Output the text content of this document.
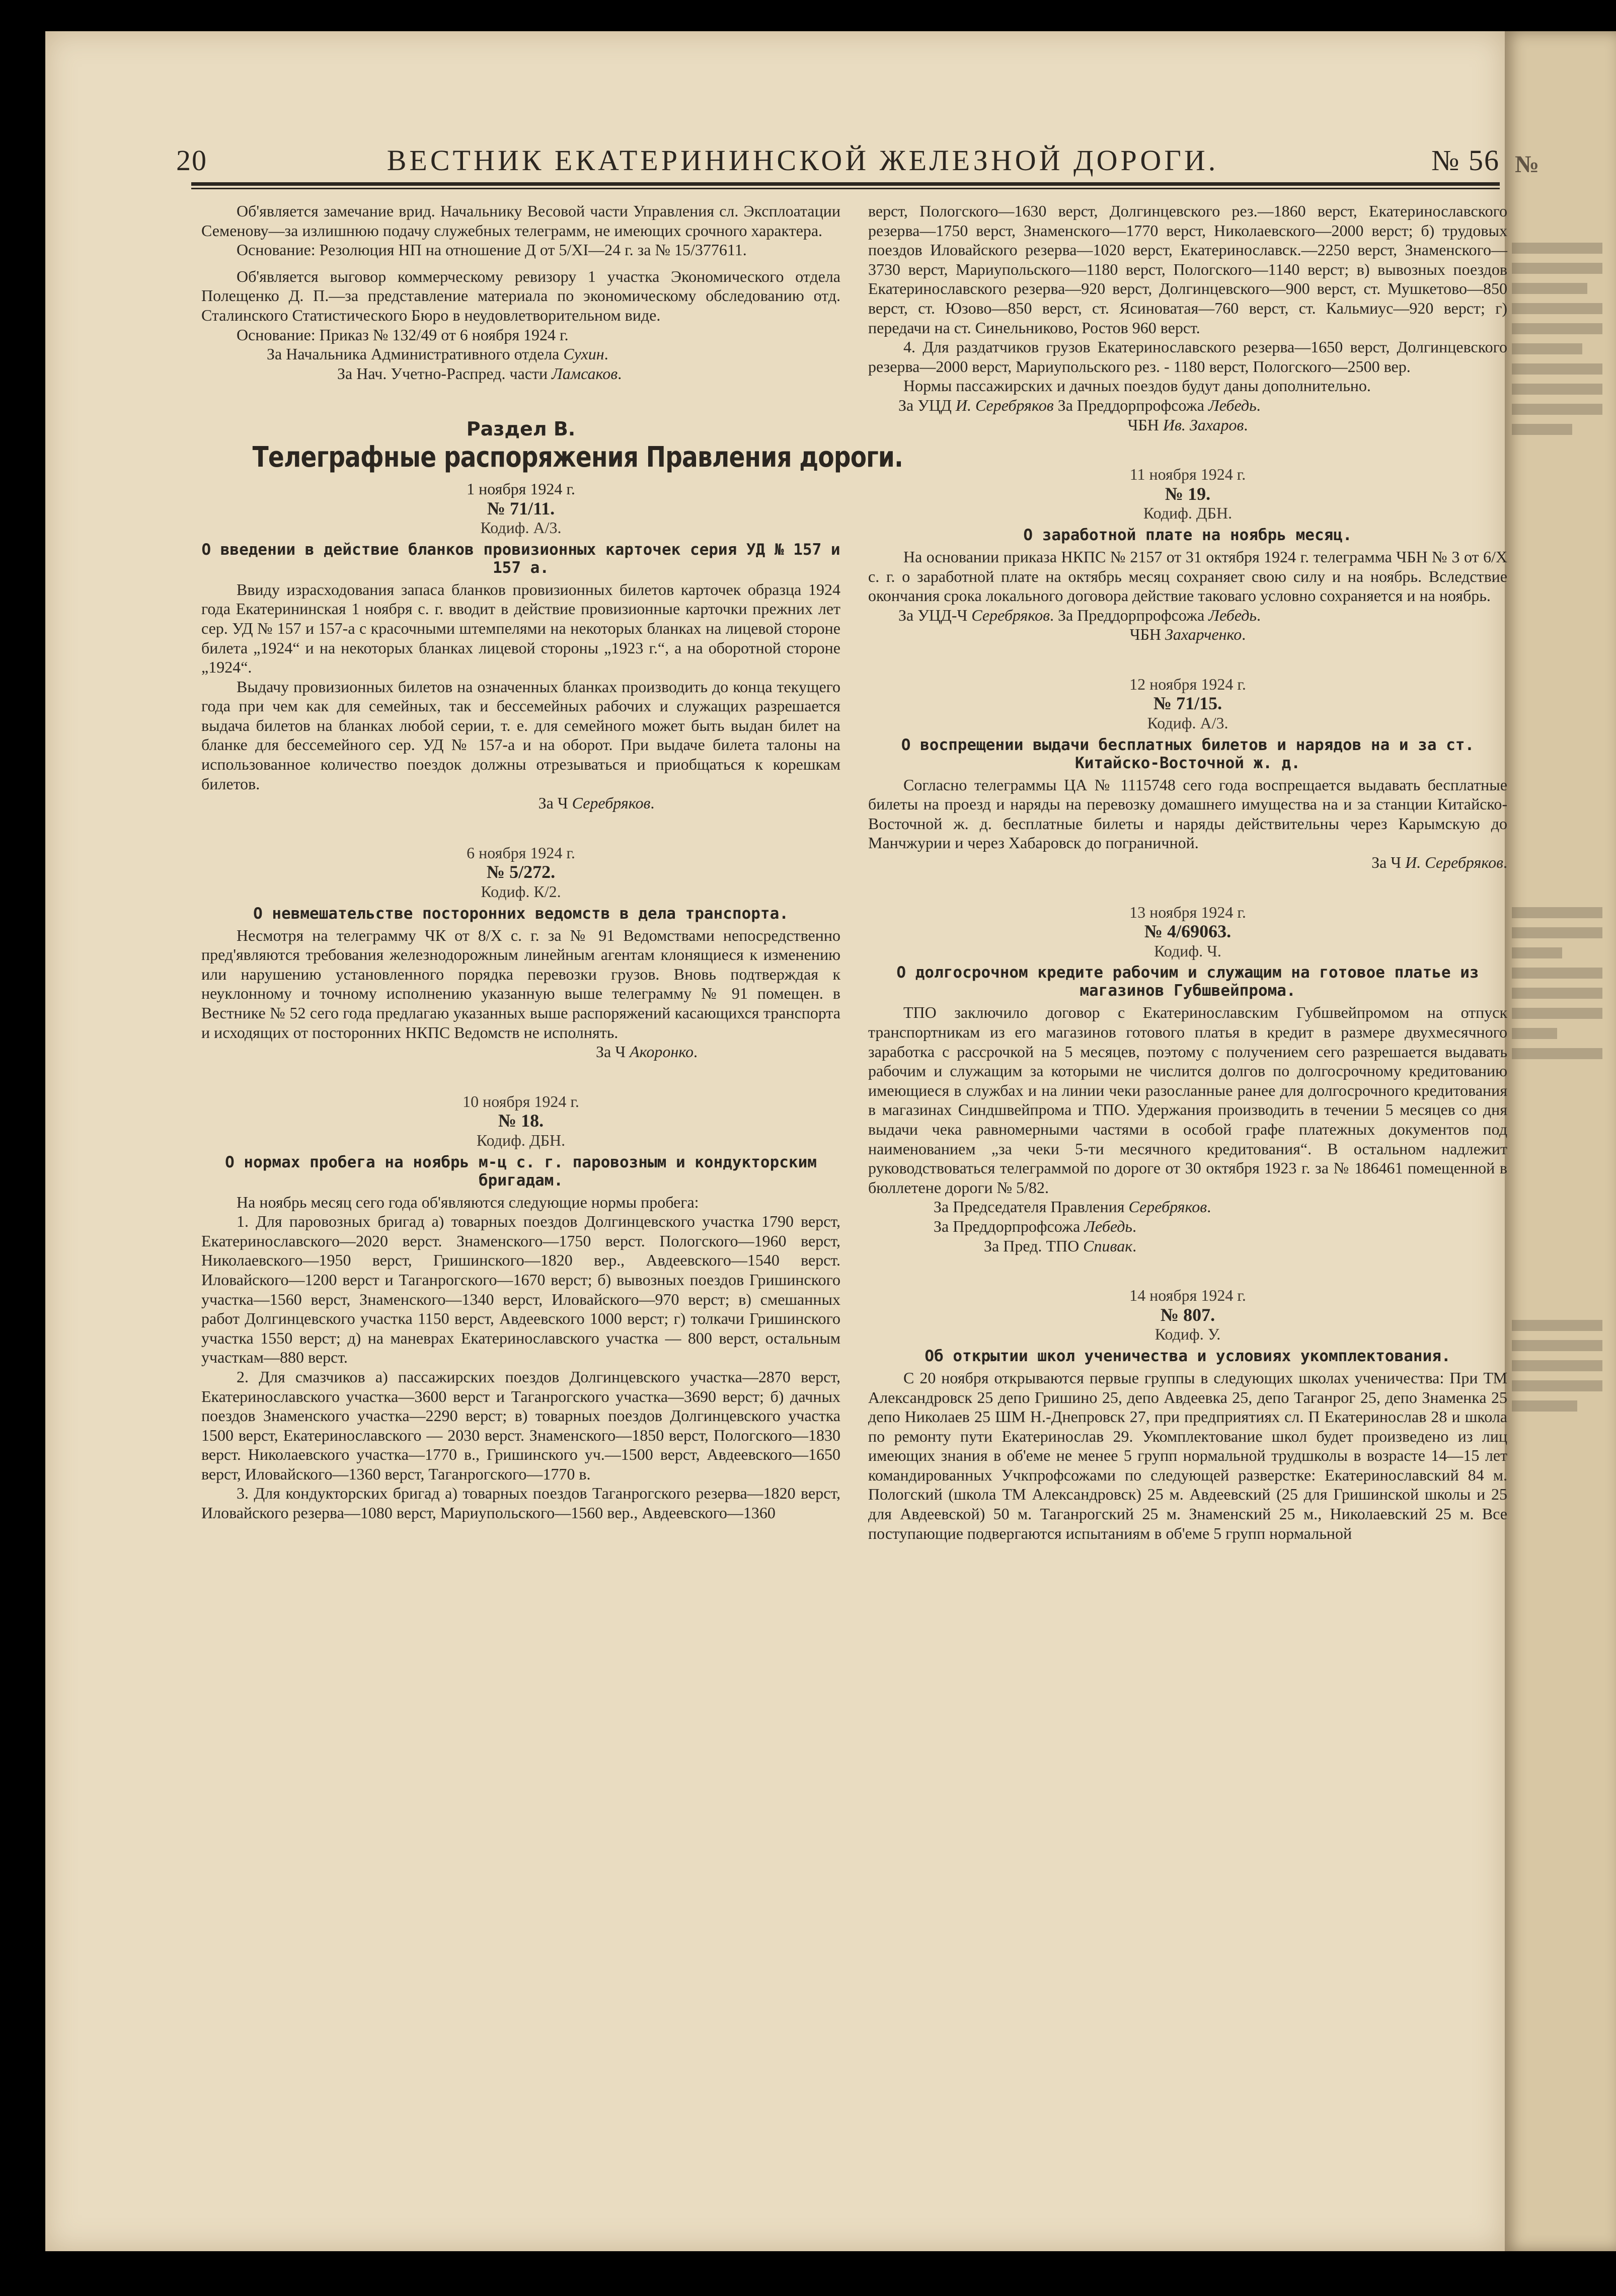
№
20	ВЕСТНИК ЕКАТЕРИНИНСКОЙ ЖЕЛЕЗНОЙ ДОРОГИ.	№ 56
Об'является замечание врид. Начальнику Весовой части Управления сл. Эксплоатации Семенову—за излишнюю подачу служебных телеграмм, не имеющих срочного характера.
Основание: Резолюция НП на отношение Д от 5/XI—24 г. за № 15/377611.
Об'является выговор коммерческому ревизору 1 участка Экономического отдела Полещенко Д. П.—за представление материала по экономическому обследованию отд. Сталинского Статистического Бюро в неудовлетворительном виде.
Основание: Приказ № 132/49 от 6 ноября 1924 г.
За Начальника Административного отдела Сухин.
За Нач. Учетно-Распред. части Ламсаков.
Раздел В.
Телеграфные распоряжения Правления дороги.
1 ноября 1924 г.
№ 71/11.
Кодиф. А/3.
О введении в действие бланков провизионных карточек серия УД № 157 и 157 а.
Ввиду израсходования запаса бланков провизионных билетов карточек образца 1924 года Екатерининская 1 ноября с. г. вводит в действие провизионные карточки прежних лет сер. УД № 157 и 157-а с красочными штемпелями на некоторых бланках на лицевой стороне билета „1924“ и на некоторых бланках лицевой стороны „1923 г.“, а на оборотной стороне „1924“.
Выдачу провизионных билетов на означенных бланках производить до конца текущего года при чем как для семейных, так и бессемейных рабочих и служащих разрешается выдача билетов на бланках любой серии, т. е. для семейного может быть выдан билет на бланке для бессемейного сер. УД № 157-а и на оборот. При выдаче билета талоны на использованное количество поездок должны отрезываться и приобщаться к корешкам билетов.
За Ч Серебряков.
6 ноября 1924 г.
№ 5/272.
Кодиф. К/2.
О невмешательстве посторонних ведомств в дела транспорта.
Несмотря на телеграмму ЧК от 8/X с. г. за № 91 Ведомствами непосредственно пред'являются требования железнодорожным линейным агентам клонящиеся к изменению или нарушению установленного порядка перевозки грузов. Вновь подтверждая к неуклонному и точному исполнению указанную выше телеграмму № 91 помещен. в Вестнике № 52 сего года предлагаю указанных выше распоряжений касающихся транспорта и исходящих от посторонних НКПС Ведомств не исполнять.
За Ч Акоронко.
10 ноября 1924 г.
№ 18.
Кодиф. ДБН.
О нормах пробега на ноябрь м-ц с. г. паровозным и кондукторским бригадам.
На ноябрь месяц сего года об'являются следующие нормы пробега:
1. Для паровозных бригад а) товарных поездов Долгинцевского участка 1790 верст, Екатеринославского—2020 верст. Знаменского—1750 верст. Пологского—1960 верст, Николаевского—1950 верст, Гришинского—1820 вер., Авдеевского—1540 верст. Иловайского—1200 верст и Таганрогского—1670 верст; б) вывозных поездов Гришинского участка—1560 верст, Знаменского—1340 верст, Иловайского—970 верст; в) смешанных работ Долгинцевского участка 1150 верст, Авдеевского 1000 верст; г) толкачи Гришинского участка 1550 верст; д) на маневрах Екатеринославского участка — 800 верст, остальным участкам—880 верст.
2. Для смазчиков а) пассажирских поездов Долгинцевского участка—2870 верст, Екатеринославского участка—3600 верст и Таганрогского участка—3690 верст; б) дачных поездов Знаменского участка—2290 верст; в) товарных поездов Долгинцевского участка 1500 верст, Екатеринославского — 2030 верст. Знаменского—1850 верст, Пологского—1830 верст. Николаевского участка—1770 в., Гришинского уч.—1500 верст, Авдеевского—1650 верст, Иловайского—1360 верст, Таганрогского—1770 в.
3. Для кондукторских бригад а) товарных поездов Таганрогского резерва—1820 верст, Иловайского резерва—1080 верст, Мариупольского—1560 вер., Авдеевского—1360
верст, Пологского—1630 верст, Долгинцевского рез.—1860 верст, Екатеринославского резерва—1750 верст, Знаменского—1770 верст, Николаевского—2000 верст; б) трудовых поездов Иловайского резерва—1020 верст, Екатеринославск.—2250 верст, Знаменского—3730 верст, Мариупольского—1180 верст, Пологского—1140 верст; в) вывозных поездов Екатеринославского резерва—920 верст, Долгинцевского—900 верст, ст. Мушкетово—850 верст, ст. Юзово—850 верст, ст. Ясиноватая—760 верст, ст. Кальмиус—920 верст; г) передачи на ст. Синельниково, Ростов 960 верст.
4. Для раздатчиков грузов Екатеринославского резерва—1650 верст, Долгинцевского резерва—2000 верст, Мариупольского рез. - 1180 верст, Пологского—2500 вер.
Нормы пассажирских и дачных поездов будут даны дополнительно.
За УЦД И. Серебряков За Преддорпрофсожа Лебедь.
ЧБН Ив. Захаров.
11 ноября 1924 г.
№ 19.
Кодиф. ДБН.
О заработной плате на ноябрь месяц.
На основании приказа НКПС № 2157 от 31 октября 1924 г. телеграмма ЧБН № 3 от 6/X с. г. о заработной плате на октябрь месяц сохраняет свою силу и на ноябрь. Вследствие окончания срока локального договора действие таковаго условно сохраняется и на ноябрь.
За УЦД-Ч Серебряков. За Преддорпрофсожа Лебедь.
ЧБН Захарченко.
12 ноября 1924 г.
№ 71/15.
Кодиф. А/3.
О воспрещении выдачи бесплатных билетов и нарядов на и за ст. Китайско-Восточной ж. д.
Согласно телеграммы ЦА № 1115748 сего года воспрещается выдавать бесплатные билеты на проезд и наряды на перевозку домашнего имущества на и за станции Китайско-Восточной ж. д. бесплатные билеты и наряды действительны через Карымскую до Манчжурии и через Хабаровск до пограничной.
За Ч И. Серебряков.
13 ноября 1924 г.
№ 4/69063.
Кодиф. Ч.
О долгосрочном кредите рабочим и служащим на готовое платье из магазинов Губшвейпрома.
ТПО заключило договор с Екатеринославским Губшвейпромом на отпуск транспортникам из его магазинов готового платья в кредит в размере двухмесячного заработка с рассрочкой на 5 месяцев, поэтому с получением сего разрешается выдавать рабочим и служащим за которыми не числится долгов по долгосрочному кредитованию имеющиеся в службах и на линии чеки разосланные ранее для долгосрочного кредитования в магазинах Синдшвейпрома и ТПО. Удержания производить в течении 5 месяцев со дня выдачи чека равномерными частями в особой графе платежных документов под наименованием „за чеки 5-ти месячного кредитования“. В остальном надлежит руководствоваться телеграммой по дороге от 30 октября 1923 г. за № 186461 помещенной в бюллетене дороги № 5/82.
За Председателя Правления Серебряков.
За Преддорпрофсожа Лебедь.
За Пред. ТПО Спивак.
14 ноября 1924 г.
№ 807.
Кодиф. У.
Об открытии школ ученичества и условиях укомплектования.
С 20 ноября открываются первые группы в следующих школах ученичества: При ТМ Александровск 25 депо Гришино 25, депо Авдеевка 25, депо Таганрог 25, депо Знаменка 25 депо Николаев 25 ШМ Н.-Днепровск 27, при предприятиях сл. П Екатеринослав 28 и школа по ремонту пути Екатеринослав 29. Укомплектование школ будет произведено из лиц имеющих знания в об'еме не менее 5 групп нормальной трудшколы в возрасте 14—15 лет командированных Учкпрофсожами по следующей разверстке: Екатеринославский 84 м. Пологский (школа ТМ Александровск) 25 м. Авдеевский (25 для Гришинской школы и 25 для Авдеевской) 50 м. Таганрогский 25 м. Знаменский 25 м., Николаевский 25 м. Все поступающие подвергаются испытаниям в об'еме 5 групп нормальной
